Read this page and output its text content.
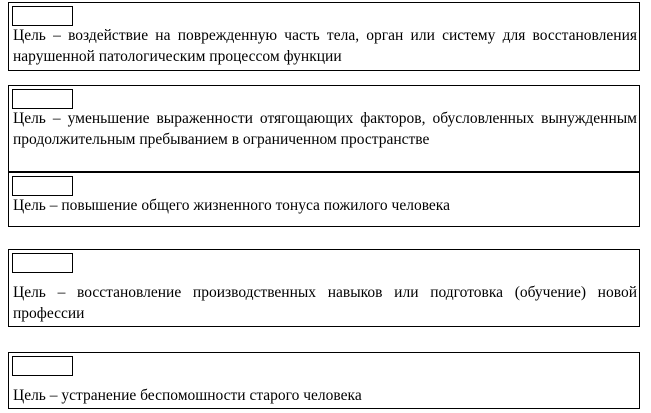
Цель – воздействие на поврежденную часть тела, орган или систему для восстановления нарушенной патологическим процессом функции

Цель – уменьшение выраженности отягощающих факторов, обусловленных вынужденным продолжительным пребыванием в ограниченном пространстве

Цель – повышение общего жизненного тонуса пожилого человека

Цель – восстановление производственных навыков или подготовка (обучение) новой профессии

Цель – устранение беспомошности старого человека
